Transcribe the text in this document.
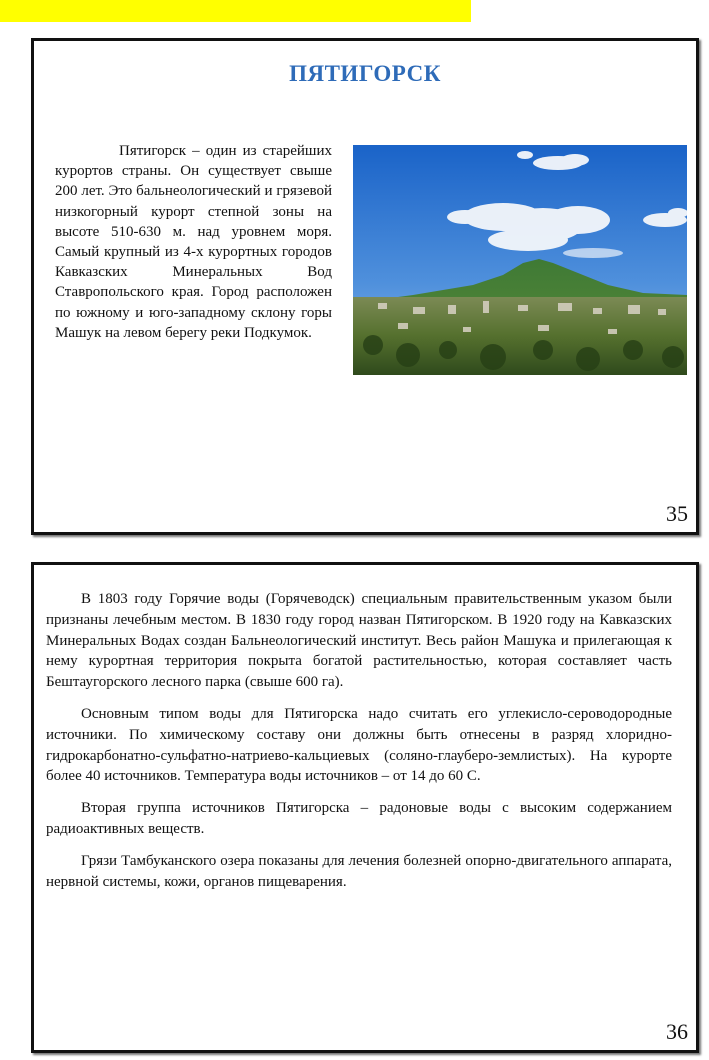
ПЯТИГОРСК

Пятигорск – один из старейших курортов страны. Он существует свыше 200 лет. Это бальнеологический и грязевой низкогорный курорт степной зоны на высоте 510-630 м. над уровнем моря. Самый крупный из 4-х курортных городов Кавказских Минеральных Вод Ставропольского края. Город расположен по южному и юго-западному склону горы Машук на левом берегу реки Подкумок.

35

В 1803 году Горячие воды (Горячеводск) специальным правительственным указом были признаны лечебным местом. В 1830 году город назван Пятигорском. В 1920 году на Кавказских Минеральных Водах создан Бальнеологический институт. Весь район Машука и прилегающая к нему курортная территория покрыта богатой растительностью, которая составляет часть Бештаугорского лесного парка (свыше 600 га).

Основным типом воды для Пятигорска надо считать его углекисло-сероводородные источники. По химическому составу они должны быть отнесены в разряд хлоридно-гидрокарбонатно-сульфатно-натриево-кальциевых (соляно-глауберо-землистых). На курорте более 40 источников. Температура воды источников – от 14 до 60 С.

Вторая группа источников Пятигорска – радоновые воды с высоким содержанием радиоактивных веществ.

Грязи Тамбуканского озера показаны для лечения болезней опорно-двигательного аппарата, нервной системы, кожи, органов пищеварения.

36
